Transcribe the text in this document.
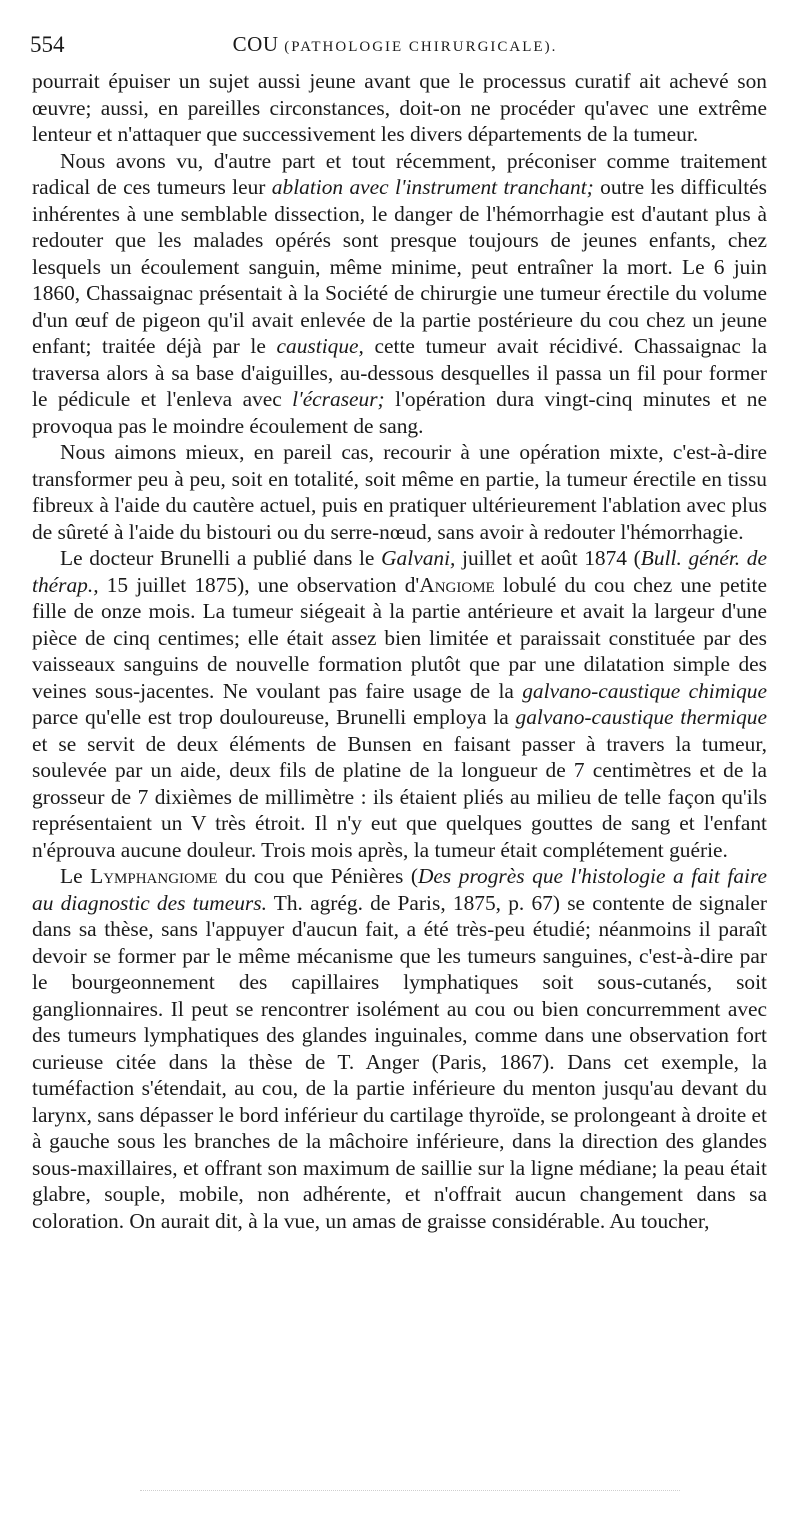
554	COU (PATHOLOGIE CHIRURGICALE).

pourrait épuiser un sujet aussi jeune avant que le processus curatif ait achevé son œuvre; aussi, en pareilles circonstances, doit-on ne procéder qu'avec une extrême lenteur et n'attaquer que successivement les divers départements de la tumeur.

Nous avons vu, d'autre part et tout récemment, préconiser comme traitement radical de ces tumeurs leur ablation avec l'instrument tranchant; outre les difficultés inhérentes à une semblable dissection, le danger de l'hémorrhagie est d'autant plus à redouter que les malades opérés sont presque toujours de jeunes enfants, chez lesquels un écoulement sanguin, même minime, peut entraîner la mort. Le 6 juin 1860, Chassaignac présentait à la Société de chirurgie une tumeur érectile du volume d'un œuf de pigeon qu'il avait enlevée de la partie postérieure du cou chez un jeune enfant; traitée déjà par le caustique, cette tumeur avait récidivé. Chassaignac la traversa alors à sa base d'aiguilles, au-dessous desquelles il passa un fil pour former le pédicule et l'enleva avec l'écraseur; l'opération dura vingt-cinq minutes et ne provoqua pas le moindre écoulement de sang.

Nous aimons mieux, en pareil cas, recourir à une opération mixte, c'est-à-dire transformer peu à peu, soit en totalité, soit même en partie, la tumeur érectile en tissu fibreux à l'aide du cautère actuel, puis en pratiquer ultérieurement l'ablation avec plus de sûreté à l'aide du bistouri ou du serre-nœud, sans avoir à redouter l'hémorrhagie.

Le docteur Brunelli a publié dans le Galvani, juillet et août 1874 (Bull. génér. de thérap., 15 juillet 1875), une observation d'Angiome lobulé du cou chez une petite fille de onze mois. La tumeur siégeait à la partie antérieure et avait la largeur d'une pièce de cinq centimes; elle était assez bien limitée et paraissait constituée par des vaisseaux sanguins de nouvelle formation plutôt que par une dilatation simple des veines sous-jacentes. Ne voulant pas faire usage de la galvano-caustique chimique parce qu'elle est trop douloureuse, Brunelli employa la galvano-caustique thermique et se servit de deux éléments de Bunsen en faisant passer à travers la tumeur, soulevée par un aide, deux fils de platine de la longueur de 7 centimètres et de la grosseur de 7 dixièmes de millimètre : ils étaient pliés au milieu de telle façon qu'ils représentaient un V très étroit. Il n'y eut que quelques gouttes de sang et l'enfant n'éprouva aucune douleur. Trois mois après, la tumeur était complétement guérie.

Le Lymphangiome du cou que Pénières (Des progrès que l'histologie a fait faire au diagnostic des tumeurs. Th. agrég. de Paris, 1875, p. 67) se contente de signaler dans sa thèse, sans l'appuyer d'aucun fait, a été très-peu étudié; néanmoins il paraît devoir se former par le même mécanisme que les tumeurs sanguines, c'est-à-dire par le bourgeonnement des capillaires lymphatiques soit sous-cutanés, soit ganglionnaires. Il peut se rencontrer isolément au cou ou bien concurremment avec des tumeurs lymphatiques des glandes inguinales, comme dans une observation fort curieuse citée dans la thèse de T. Anger (Paris, 1867). Dans cet exemple, la tuméfaction s'étendait, au cou, de la partie inférieure du menton jusqu'au devant du larynx, sans dépasser le bord inférieur du cartilage thyroïde, se prolongeant à droite et à gauche sous les branches de la mâchoire inférieure, dans la direction des glandes sous-maxillaires, et offrant son maximum de saillie sur la ligne médiane; la peau était glabre, souple, mobile, non adhérente, et n'offrait aucun changement dans sa coloration. On aurait dit, à la vue, un amas de graisse considérable. Au toucher,
